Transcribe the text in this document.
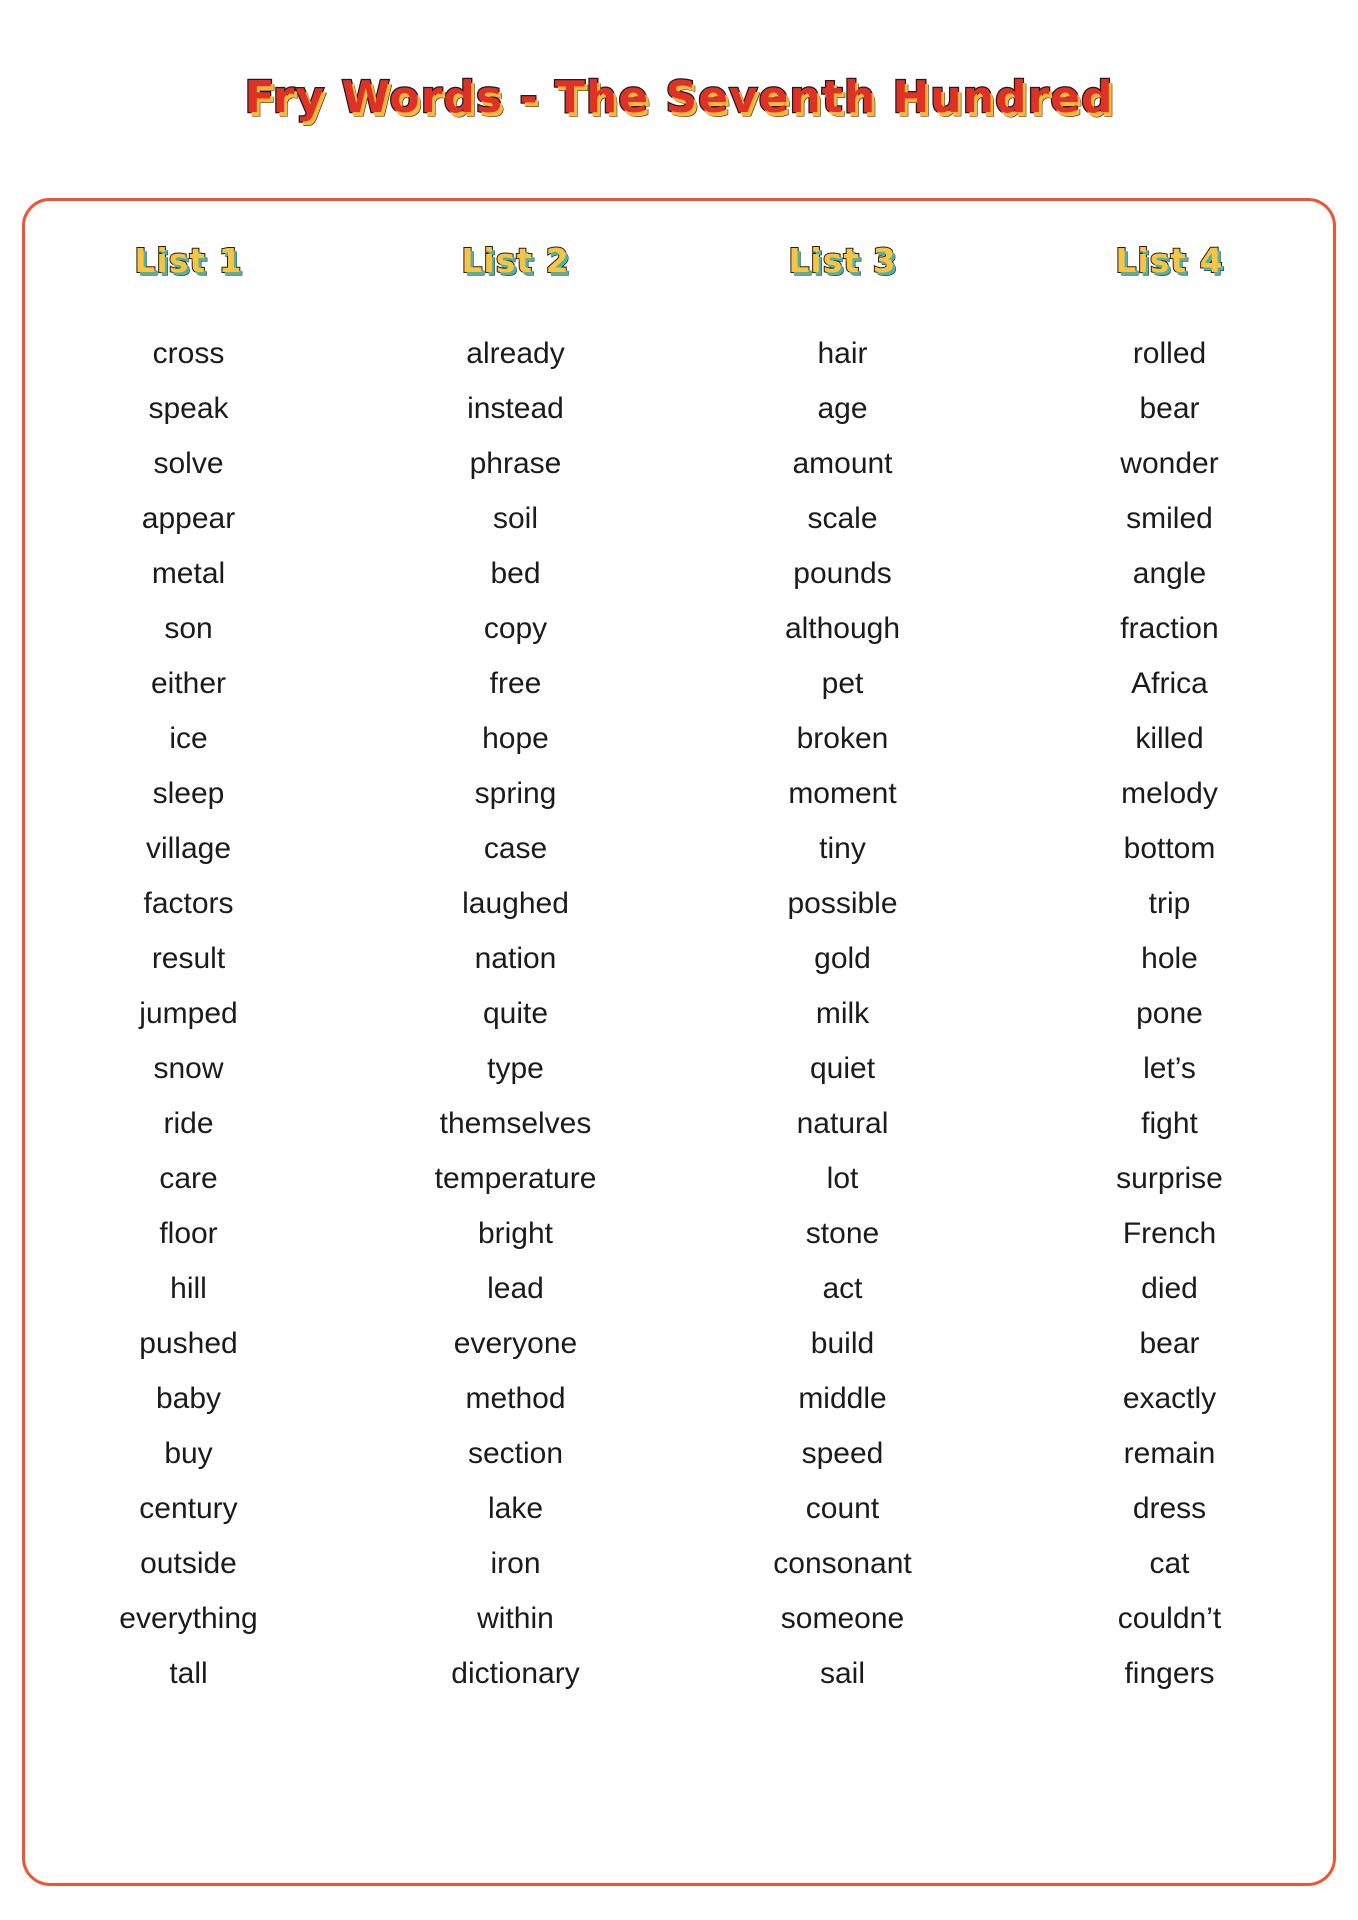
Fry Words - The Seventh Hundred
List 1
cross
speak
solve
appear
metal
son
either
ice
sleep
village
factors
result
jumped
snow
ride
care
floor
hill
pushed
baby
buy
century
outside
everything
tall
List 2
already
instead
phrase
soil
bed
copy
free
hope
spring
case
laughed
nation
quite
type
themselves
temperature
bright
lead
everyone
method
section
lake
iron
within
dictionary
List 3
hair
age
amount
scale
pounds
although
pet
broken
moment
tiny
possible
gold
milk
quiet
natural
lot
stone
act
build
middle
speed
count
consonant
someone
sail
List 4
rolled
bear
wonder
smiled
angle
fraction
Africa
killed
melody
bottom
trip
hole
pone
let’s
fight
surprise
French
died
bear
exactly
remain
dress
cat
couldn’t
fingers
